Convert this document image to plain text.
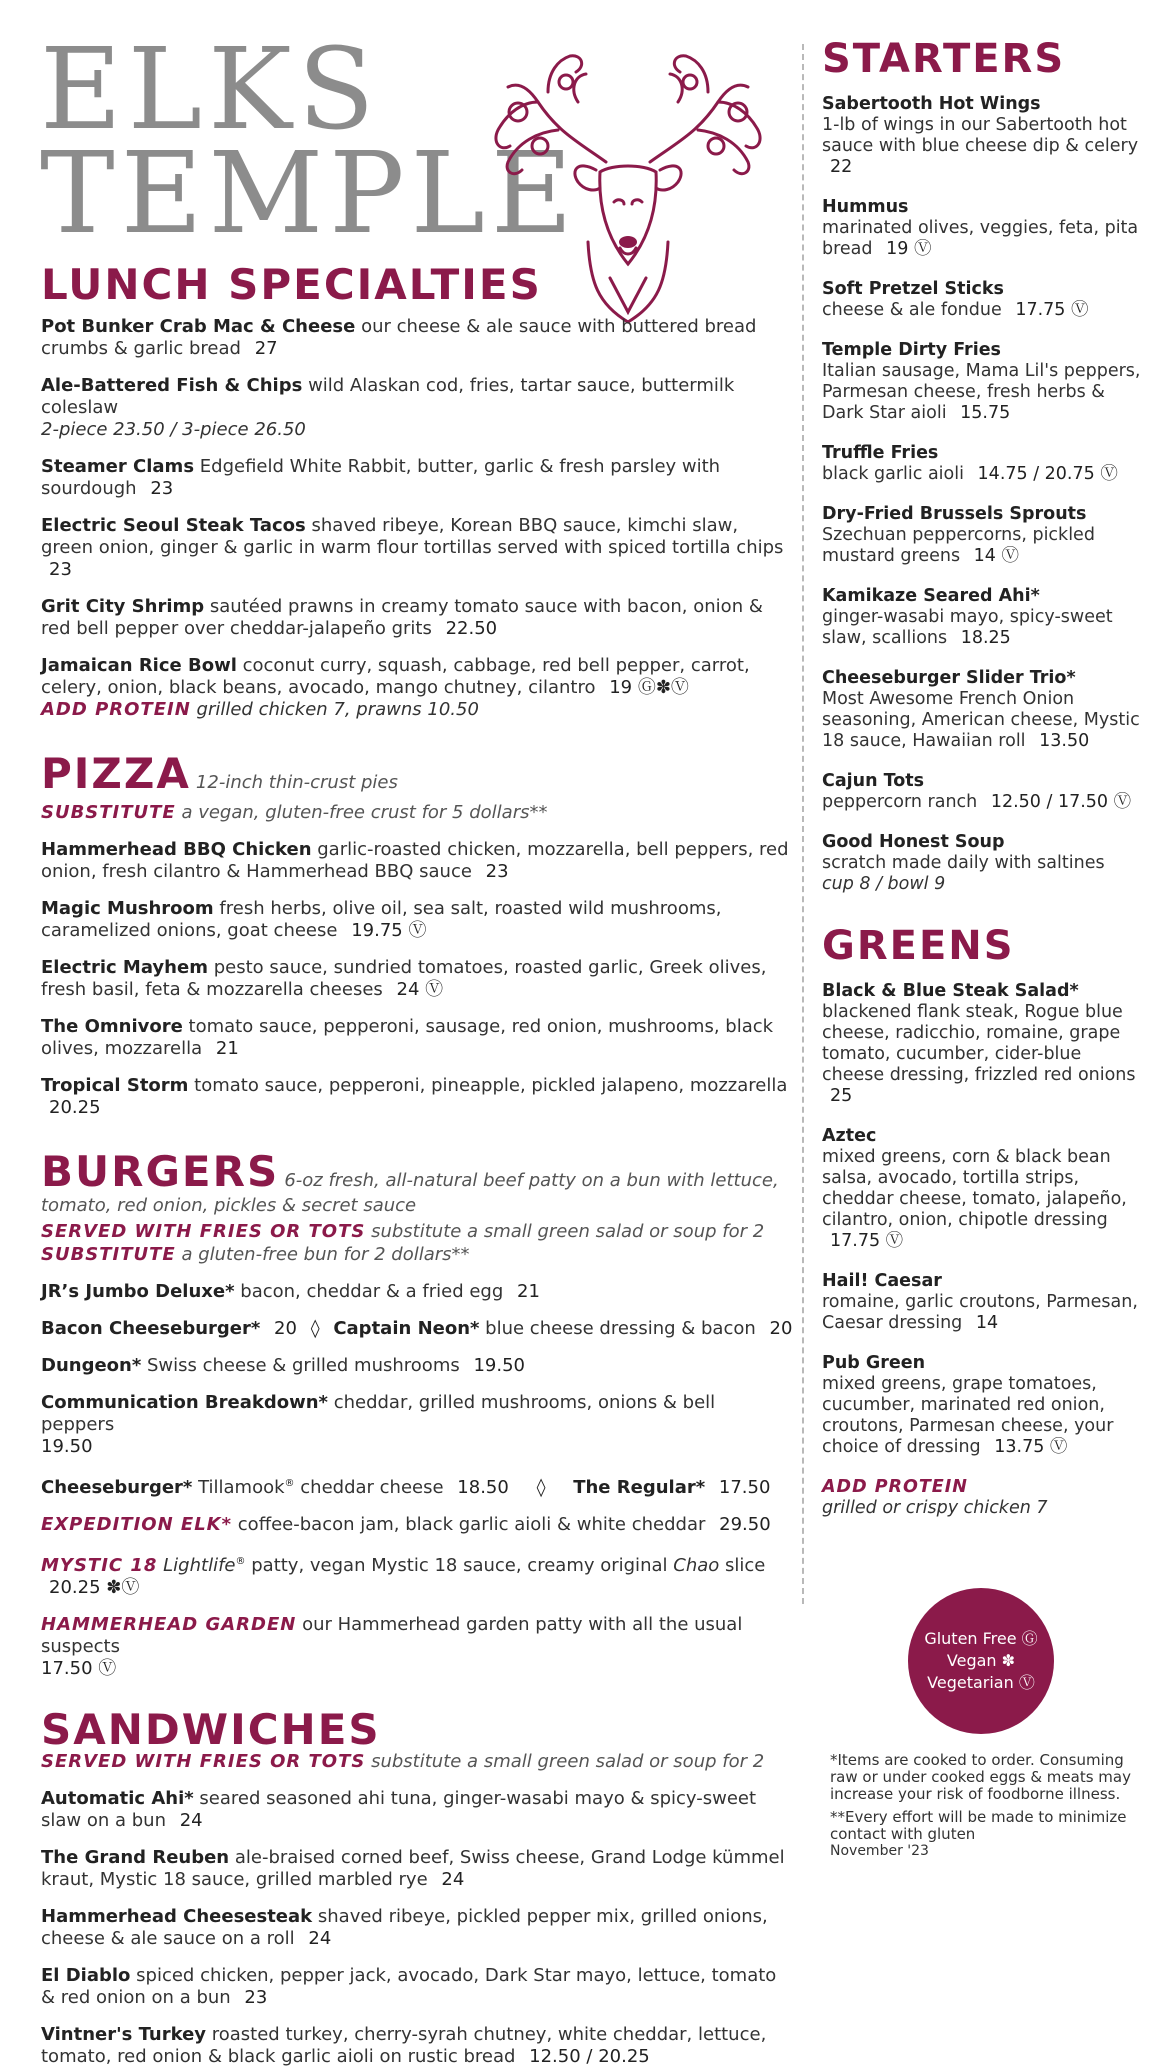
ELKS
TEMPLE
LUNCH SPECIALTIES
Pot Bunker Crab Mac & Cheese our cheese & ale sauce with buttered bread crumbs & garlic bread 27
Ale-Battered Fish & Chips wild Alaskan cod, fries, tartar sauce, buttermilk coleslaw
2-piece 23.50 / 3-piece 26.50
Steamer Clams Edgefield White Rabbit, butter, garlic & fresh parsley with sourdough 23
Electric Seoul Steak Tacos shaved ribeye, Korean BBQ sauce, kimchi slaw, green onion, ginger & garlic in warm flour tortillas served with spiced tortilla chips 23
Grit City Shrimp sautéed prawns in creamy tomato sauce with bacon, onion & red bell pepper over cheddar-jalapeño grits 22.50
Jamaican Rice Bowl coconut curry, squash, cabbage, red bell pepper, carrot, celery, onion, black beans, avocado, mango chutney, cilantro 19 Ⓖ✽Ⓥ
ADD PROTEIN grilled chicken 7, prawns 10.50
PIZZA 12-inch thin-crust pies
SUBSTITUTE a vegan, gluten-free crust for 5 dollars**
Hammerhead BBQ Chicken garlic-roasted chicken, mozzarella, bell peppers, red onion, fresh cilantro & Hammerhead BBQ sauce 23
Magic Mushroom fresh herbs, olive oil, sea salt, roasted wild mushrooms, caramelized onions, goat cheese 19.75 Ⓥ
Electric Mayhem pesto sauce, sundried tomatoes, roasted garlic, Greek olives, fresh basil, feta & mozzarella cheeses 24 Ⓥ
The Omnivore tomato sauce, pepperoni, sausage, red onion, mushrooms, black olives, mozzarella 21
Tropical Storm tomato sauce, pepperoni, pineapple, pickled jalapeno, mozzarella 20.25
BURGERS 6-oz fresh, all-natural beef patty on a bun with lettuce, tomato, red onion, pickles & secret sauce
SERVED WITH FRIES OR TOTS substitute a small green salad or soup for 2
SUBSTITUTE a gluten-free bun for 2 dollars**
JR’s Jumbo Deluxe* bacon, cheddar & a fried egg 21
Bacon Cheeseburger* 20 ◊ Captain Neon* blue cheese dressing & bacon 20
Dungeon* Swiss cheese & grilled mushrooms 19.50
Communication Breakdown* cheddar, grilled mushrooms, onions & bell peppers
19.50
Cheeseburger* Tillamook® cheddar cheese 18.50 ◊ The Regular* 17.50
EXPEDITION ELK* coffee-bacon jam, black garlic aioli & white cheddar 29.50
MYSTIC 18 Lightlife® patty, vegan Mystic 18 sauce, creamy original Chao slice 20.25 ✽Ⓥ
HAMMERHEAD GARDEN our Hammerhead garden patty with all the usual suspects
17.50 Ⓥ
SANDWICHES
SERVED WITH FRIES OR TOTS substitute a small green salad or soup for 2
Automatic Ahi* seared seasoned ahi tuna, ginger-wasabi mayo & spicy-sweet slaw on a bun 24
The Grand Reuben ale-braised corned beef, Swiss cheese, Grand Lodge kümmel kraut, Mystic 18 sauce, grilled marbled rye 24
Hammerhead Cheesesteak shaved ribeye, pickled pepper mix, grilled onions, cheese & ale sauce on a roll 24
El Diablo spiced chicken, pepper jack, avocado, Dark Star mayo, lettuce, tomato & red onion on a bun 23
Vintner's Turkey roasted turkey, cherry-syrah chutney, white cheddar, lettuce, tomato, red onion & black garlic aioli on rustic bread 12.50 / 20.25
STARTERS
Sabertooth Hot Wings
1-lb of wings in our Sabertooth hot sauce with blue cheese dip & celery 22
Hummus
marinated olives, veggies, feta, pita bread 19 Ⓥ
Soft Pretzel Sticks
cheese & ale fondue 17.75 Ⓥ
Temple Dirty Fries
Italian sausage, Mama Lil's peppers, Parmesan cheese, fresh herbs & Dark Star aioli 15.75
Truffle Fries
black garlic aioli 14.75 / 20.75 Ⓥ
Dry-Fried Brussels Sprouts
Szechuan peppercorns, pickled mustard greens 14 Ⓥ
Kamikaze Seared Ahi*
ginger-wasabi mayo, spicy-sweet slaw, scallions 18.25
Cheeseburger Slider Trio*
Most Awesome French Onion seasoning, American cheese, Mystic 18 sauce, Hawaiian roll 13.50
Cajun Tots
peppercorn ranch 12.50 / 17.50 Ⓥ
Good Honest Soup
scratch made daily with saltines
cup 8 / bowl 9
GREENS
Black & Blue Steak Salad*
blackened flank steak, Rogue blue cheese, radicchio, romaine, grape tomato, cucumber, cider-blue cheese dressing, frizzled red onions 25
Aztec
mixed greens, corn & black bean salsa, avocado, tortilla strips, cheddar cheese, tomato, jalapeño, cilantro, onion, chipotle dressing 17.75 Ⓥ
Hail! Caesar
romaine, garlic croutons, Parmesan, Caesar dressing 14
Pub Green
mixed greens, grape tomatoes, cucumber, marinated red onion, croutons, Parmesan cheese, your choice of dressing 13.75 Ⓥ
ADD PROTEIN
grilled or crispy chicken 7
Gluten Free Ⓖ
Vegan ✽
Vegetarian Ⓥ

*Items are cooked to order. Consuming raw or under cooked eggs & meats may increase your risk of foodborne illness.

**Every effort will be made to minimize contact with gluten

November '23
